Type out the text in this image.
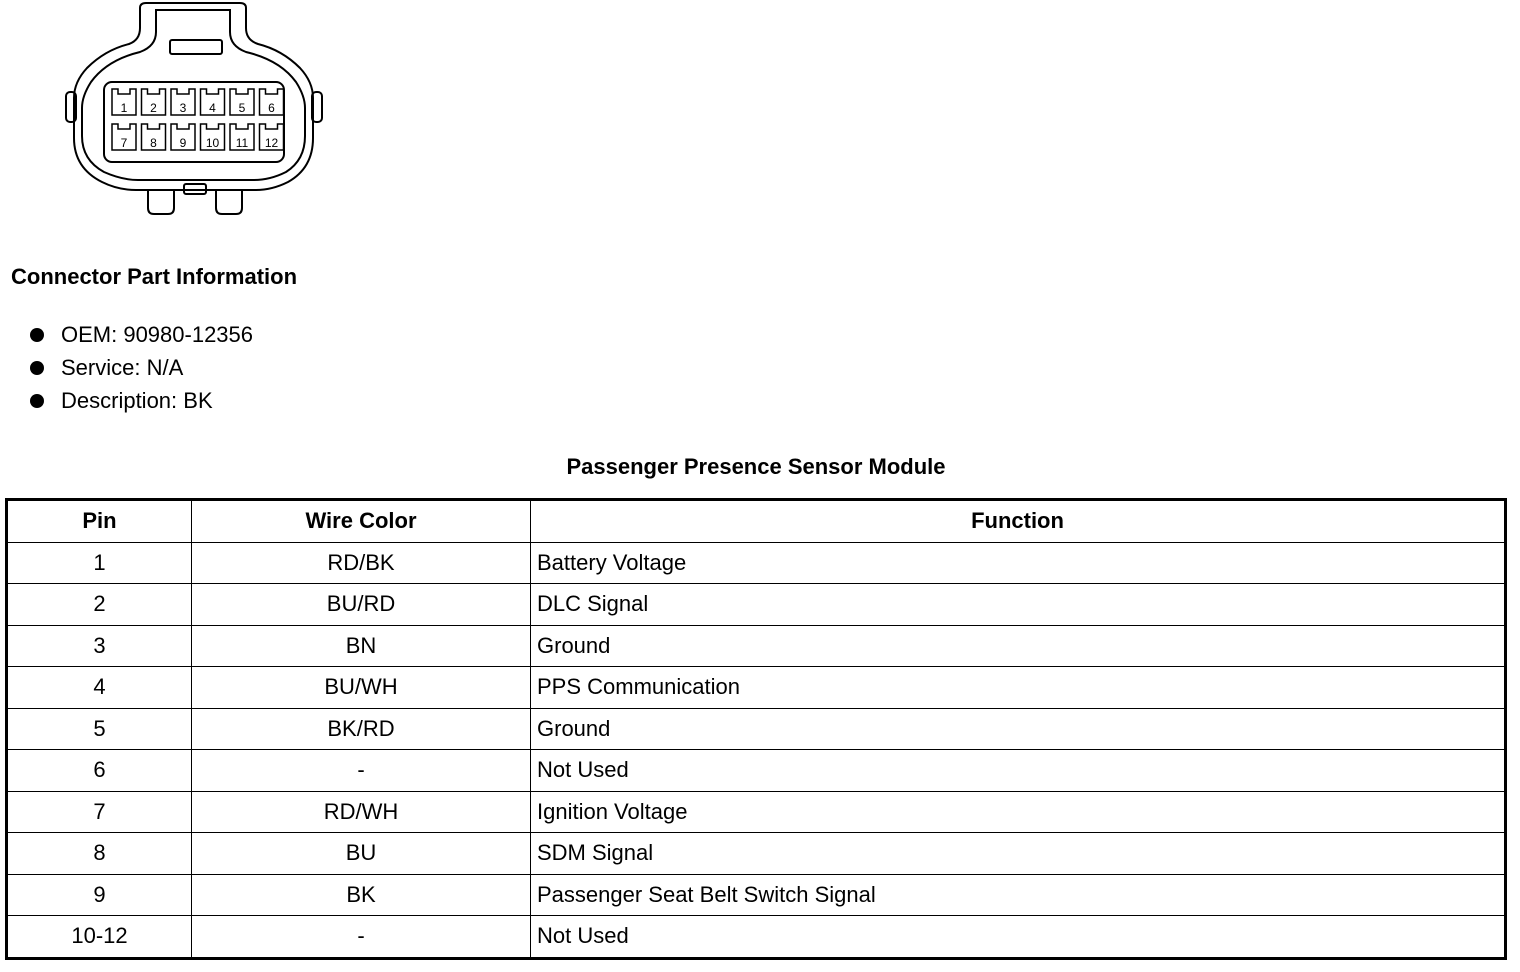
1 2 3 4 5 6
7 8 9 10 11 12
Connector Part Information
OEM: 90980-12356
Service: N/A
Description: BK
Passenger Presence Sensor Module
Pin	Wire Color	Function
1	RD/BK	Battery Voltage
2	BU/RD	DLC Signal
3	BN	Ground
4	BU/WH	PPS Communication
5	BK/RD	Ground
6	-	Not Used
7	RD/WH	Ignition Voltage
8	BU	SDM Signal
9	BK	Passenger Seat Belt Switch Signal
10-12	-	Not Used
